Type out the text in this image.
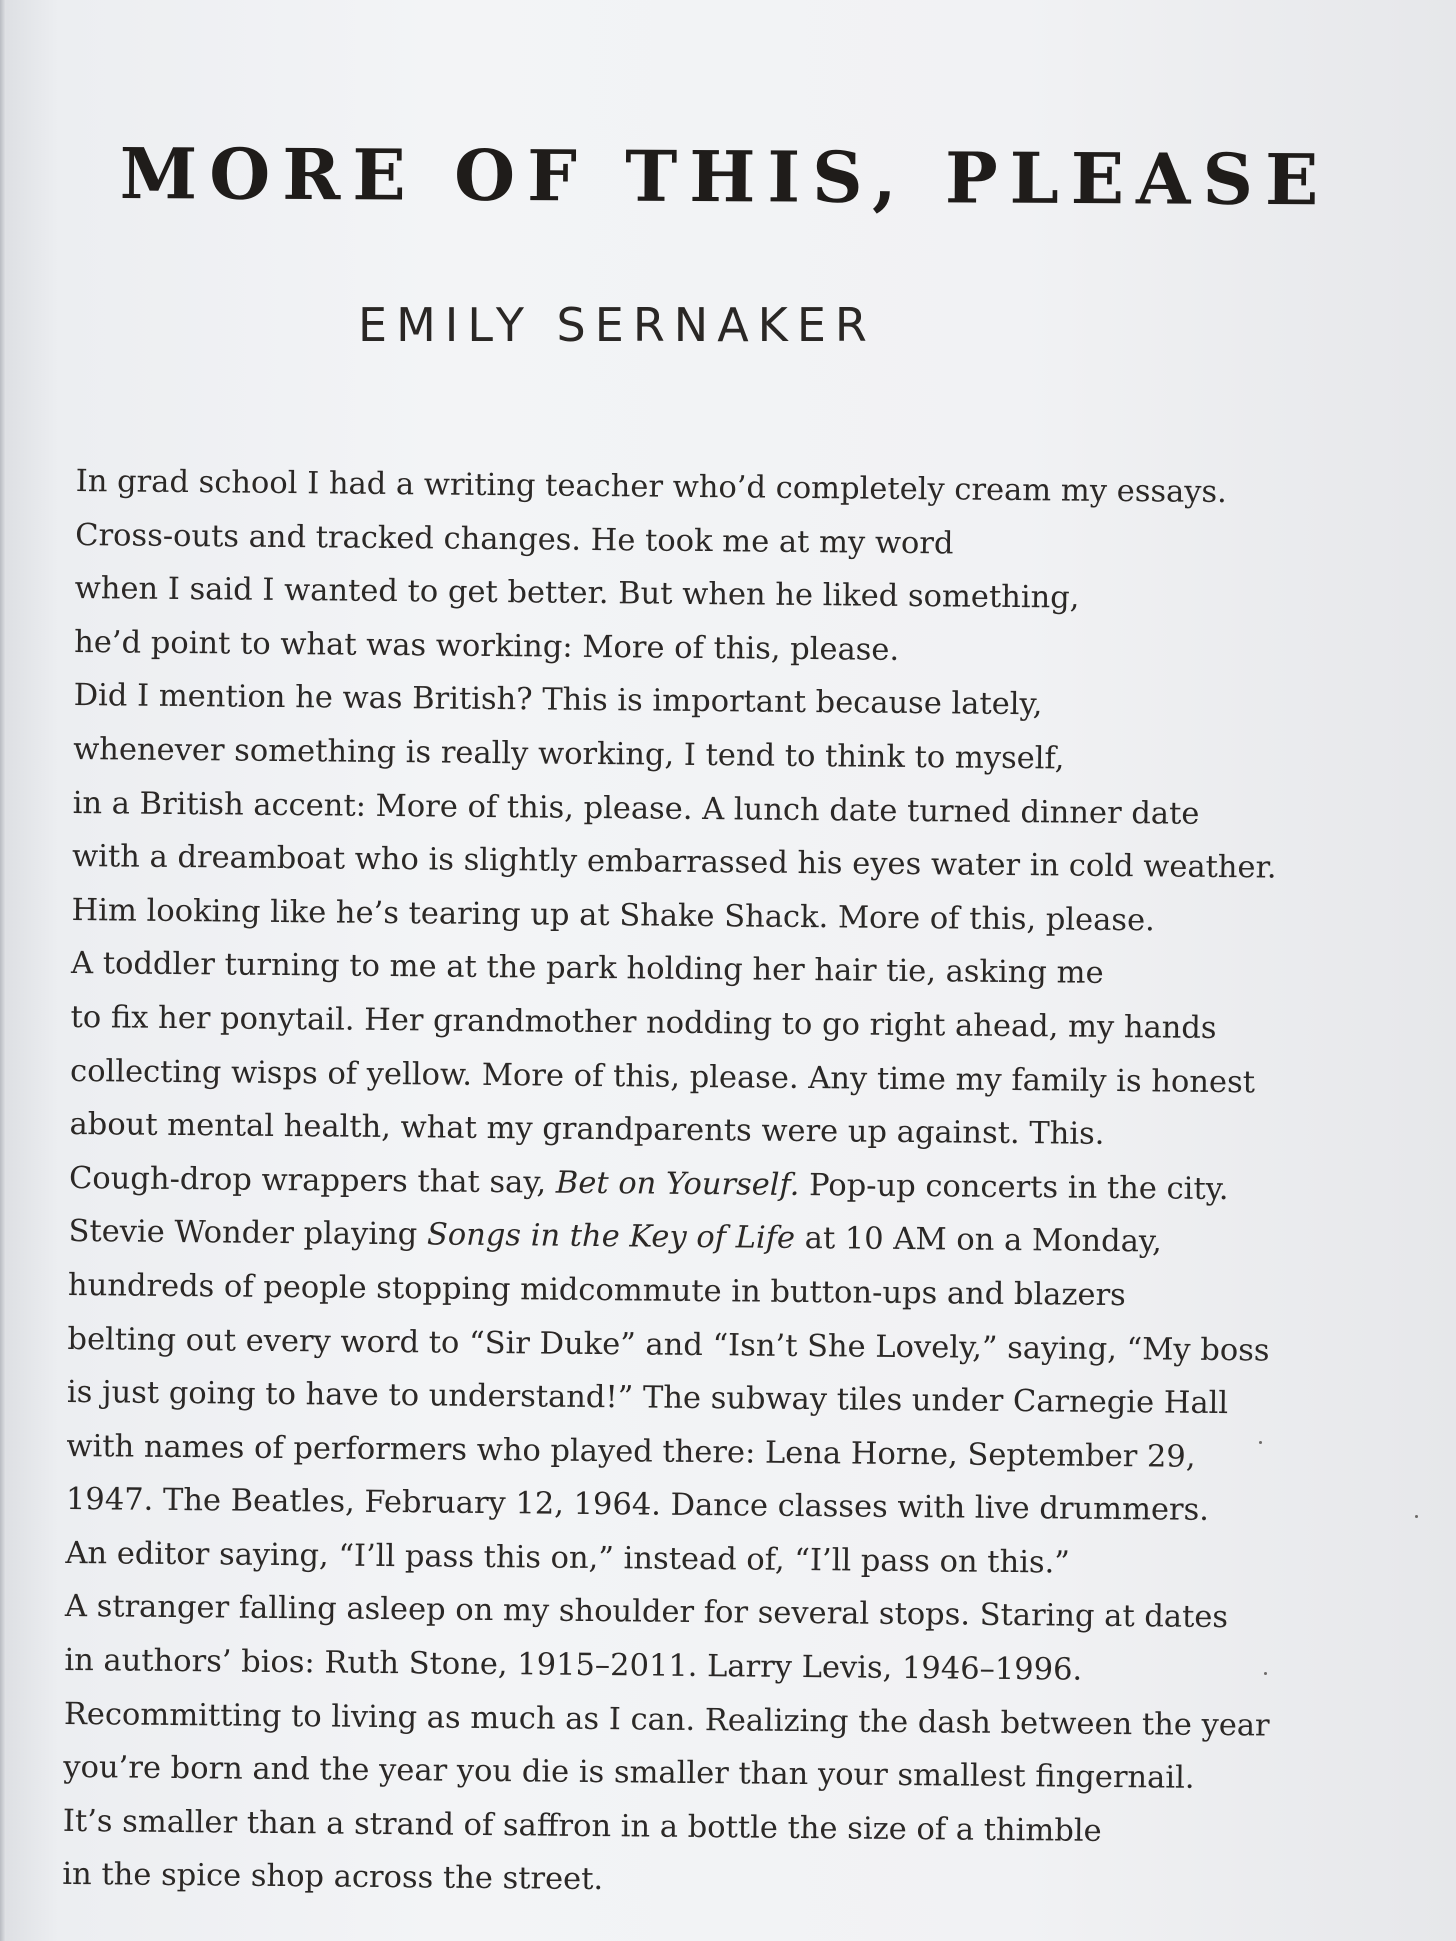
MORE OF THIS, PLEASE
EMILY SERNAKER
In grad school I had a writing teacher who’d completely cream my essays.
Cross-outs and tracked changes. He took me at my word
when I said I wanted to get better. But when he liked something,
he’d point to what was working: More of this, please.
Did I mention he was British? This is important because lately,
whenever something is really working, I tend to think to myself,
in a British accent: More of this, please. A lunch date turned dinner date
with a dreamboat who is slightly embarrassed his eyes water in cold weather.
Him looking like he’s tearing up at Shake Shack. More of this, please.
A toddler turning to me at the park holding her hair tie, asking me
to fix her ponytail. Her grandmother nodding to go right ahead, my hands
collecting wisps of yellow. More of this, please. Any time my family is honest
about mental health, what my grandparents were up against. This.
Cough-drop wrappers that say, Bet on Yourself. Pop-up concerts in the city.
Stevie Wonder playing Songs in the Key of Life at 10 AM on a Monday,
hundreds of people stopping midcommute in button-ups and blazers
belting out every word to “Sir Duke” and “Isn’t She Lovely,” saying, “My boss
is just going to have to understand!” The subway tiles under Carnegie Hall
with names of performers who played there: Lena Horne, September 29,
1947. The Beatles, February 12, 1964. Dance classes with live drummers.
An editor saying, “I’ll pass this on,” instead of, “I’ll pass on this.”
A stranger falling asleep on my shoulder for several stops. Staring at dates
in authors’ bios: Ruth Stone, 1915–2011. Larry Levis, 1946–1996.
Recommitting to living as much as I can. Realizing the dash between the year
you’re born and the year you die is smaller than your smallest fingernail.
It’s smaller than a strand of saffron in a bottle the size of a thimble
in the spice shop across the street.
